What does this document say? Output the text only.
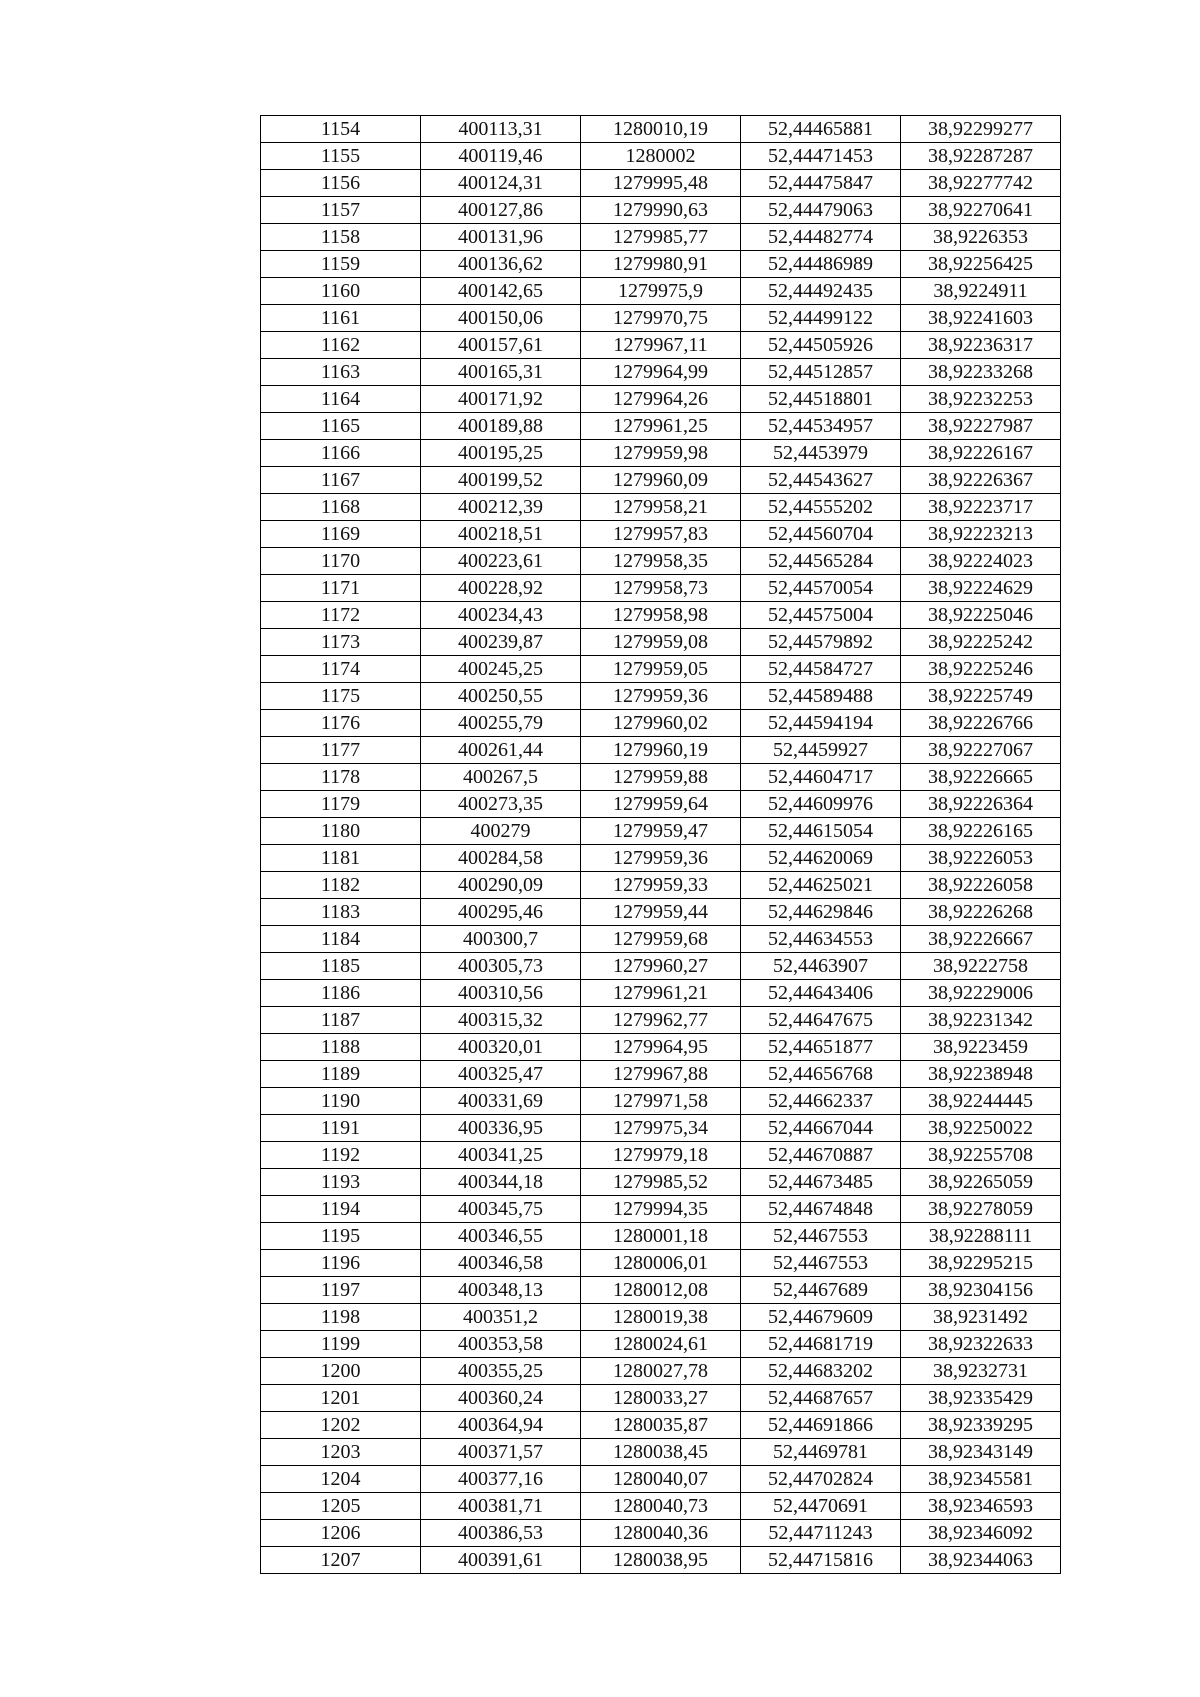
1154	400113,31	1280010,19	52,44465881	38,92299277
1155	400119,46	1280002	52,44471453	38,92287287
1156	400124,31	1279995,48	52,44475847	38,92277742
1157	400127,86	1279990,63	52,44479063	38,92270641
1158	400131,96	1279985,77	52,44482774	38,9226353
1159	400136,62	1279980,91	52,44486989	38,92256425
1160	400142,65	1279975,9	52,44492435	38,9224911
1161	400150,06	1279970,75	52,44499122	38,92241603
1162	400157,61	1279967,11	52,44505926	38,92236317
1163	400165,31	1279964,99	52,44512857	38,92233268
1164	400171,92	1279964,26	52,44518801	38,92232253
1165	400189,88	1279961,25	52,44534957	38,92227987
1166	400195,25	1279959,98	52,4453979	38,92226167
1167	400199,52	1279960,09	52,44543627	38,92226367
1168	400212,39	1279958,21	52,44555202	38,92223717
1169	400218,51	1279957,83	52,44560704	38,92223213
1170	400223,61	1279958,35	52,44565284	38,92224023
1171	400228,92	1279958,73	52,44570054	38,92224629
1172	400234,43	1279958,98	52,44575004	38,92225046
1173	400239,87	1279959,08	52,44579892	38,92225242
1174	400245,25	1279959,05	52,44584727	38,92225246
1175	400250,55	1279959,36	52,44589488	38,92225749
1176	400255,79	1279960,02	52,44594194	38,92226766
1177	400261,44	1279960,19	52,4459927	38,92227067
1178	400267,5	1279959,88	52,44604717	38,92226665
1179	400273,35	1279959,64	52,44609976	38,92226364
1180	400279	1279959,47	52,44615054	38,92226165
1181	400284,58	1279959,36	52,44620069	38,92226053
1182	400290,09	1279959,33	52,44625021	38,92226058
1183	400295,46	1279959,44	52,44629846	38,92226268
1184	400300,7	1279959,68	52,44634553	38,92226667
1185	400305,73	1279960,27	52,4463907	38,9222758
1186	400310,56	1279961,21	52,44643406	38,92229006
1187	400315,32	1279962,77	52,44647675	38,92231342
1188	400320,01	1279964,95	52,44651877	38,9223459
1189	400325,47	1279967,88	52,44656768	38,92238948
1190	400331,69	1279971,58	52,44662337	38,92244445
1191	400336,95	1279975,34	52,44667044	38,92250022
1192	400341,25	1279979,18	52,44670887	38,92255708
1193	400344,18	1279985,52	52,44673485	38,92265059
1194	400345,75	1279994,35	52,44674848	38,92278059
1195	400346,55	1280001,18	52,4467553	38,92288111
1196	400346,58	1280006,01	52,4467553	38,92295215
1197	400348,13	1280012,08	52,4467689	38,92304156
1198	400351,2	1280019,38	52,44679609	38,9231492
1199	400353,58	1280024,61	52,44681719	38,92322633
1200	400355,25	1280027,78	52,44683202	38,9232731
1201	400360,24	1280033,27	52,44687657	38,92335429
1202	400364,94	1280035,87	52,44691866	38,92339295
1203	400371,57	1280038,45	52,4469781	38,92343149
1204	400377,16	1280040,07	52,44702824	38,92345581
1205	400381,71	1280040,73	52,4470691	38,92346593
1206	400386,53	1280040,36	52,44711243	38,92346092
1207	400391,61	1280038,95	52,44715816	38,92344063
